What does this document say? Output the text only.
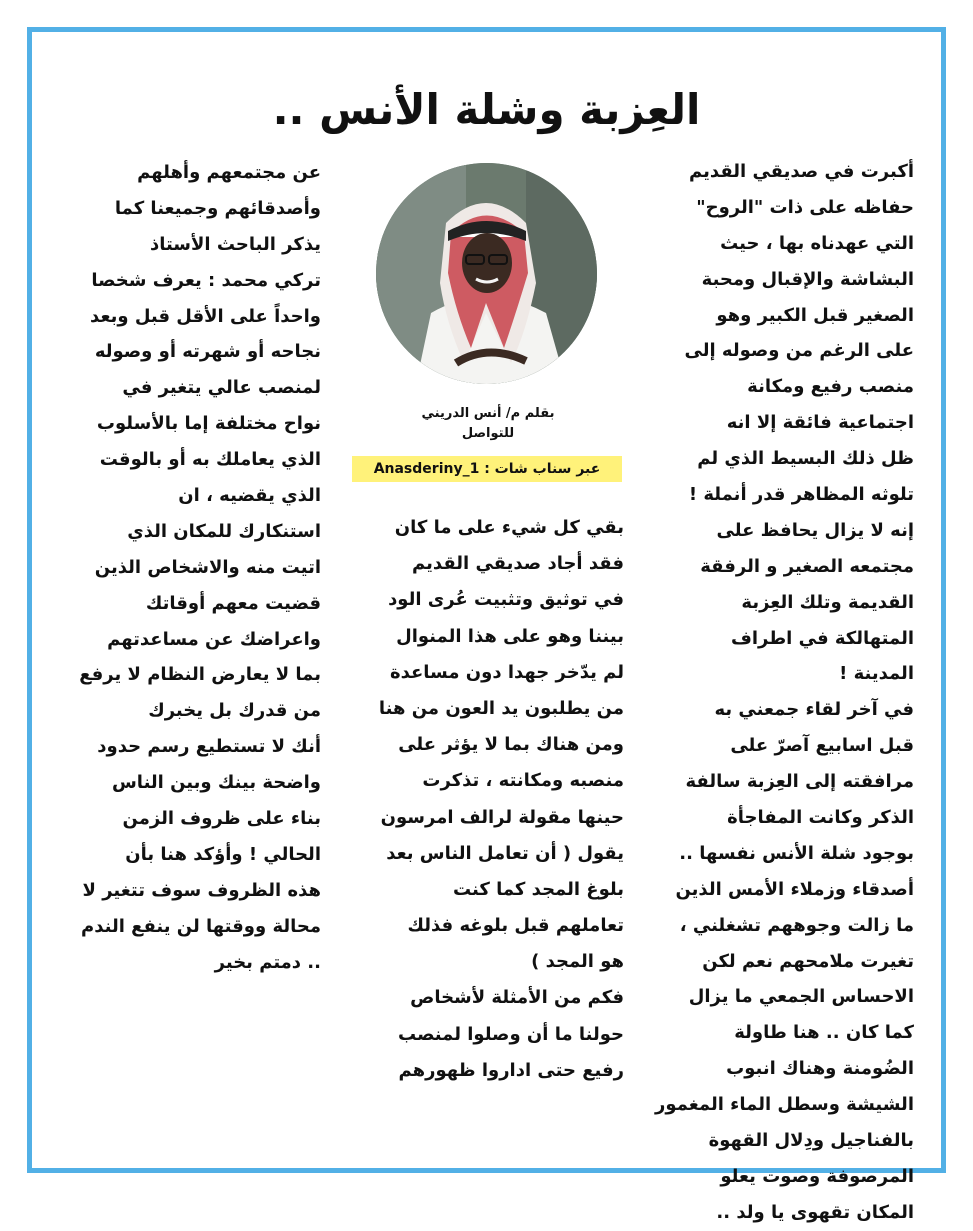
العِزبة وشلة الأنس ..
أكبرت في صديقي القديم
حفاظه على ذات "الروح"
التي عهدناه بها ، حيث
البشاشة والإقبال ومحبة
الصغير قبل الكبير وهو
على الرغم من وصوله إلى
منصب رفيع ومكانة
اجتماعية فائقة إلا انه
ظل ذلك البسيط الذي لم
تلوثه المظاهر قدر أنملة !
إنه لا يزال يحافظ على
مجتمعه الصغير و الرفقة
القديمة وتلك العِزبة
المتهالكة في اطراف
المدينة !
في آخر لقاء جمعني به
قبل اسابيع آصرّ على
مرافقته إلى العِزبة سالفة
الذكر وكانت المفاجأة
بوجود شلة الأنس نفسها ..
أصدقاء وزملاء الأمس الذين
ما زالت وجوههم تشغلني ،
تغيرت ملامحهم نعم لكن
الاحساس الجمعي ما يزال
كما كان .. هنا طاولة
الضُومنة وهناك انبوب
الشيشة وسطل الماء المغمور
بالفناجيل ودِلال القهوة
المرصوفة وصوت يعلو
المكان تقهوى يا ولد ..
بقلم م/ أنس الدريني
للتواصل
عبر سناب شات : Anasderiny_1
بقي كل شيء على ما كان
فقد أجاد صديقي القديم
في توثيق وتثبيت عُرى الود
بيننا وهو على هذا المنوال
لم يدّخر جهدا دون مساعدة
من يطلبون يد العون من هنا
ومن هناك بما لا يؤثر على
منصبه ومكانته ، تذكرت
حينها مقولة لرالف امرسون
يقول ( أن تعامل الناس بعد
بلوغ المجد كما كنت
تعاملهم قبل بلوغه فذلك
هو المجد )
فكم من الأمثلة لأشخاص
حولنا ما أن وصلوا لمنصب
رفيع حتى اداروا ظهورهم
عن مجتمعهم وأهلهم
وأصدقائهم وجميعنا كما
يذكر الباحث الأستاذ
تركي محمد : يعرف شخصا
واحداً على الأقل قبل وبعد
نجاحه أو شهرته أو وصوله
لمنصب عالي يتغير في
نواح مختلفة إما بالأسلوب
الذي يعاملك به أو بالوقت
الذي يقضيه ، ان
استنكارك للمكان الذي
اتيت منه والاشخاص الذين
قضيت معهم أوقاتك
واعراضك عن مساعدتهم
بما لا يعارض النظام لا يرفع
من قدرك بل يخبرك
أنك لا تستطيع رسم حدود
واضحة بينك وبين الناس
بناء على ظروف الزمن
الحالي ! وأؤكد هنا بأن
هذه الظروف سوف تتغير لا
محالة ووقتها لن ينفع الندم
.. دمتم بخير
